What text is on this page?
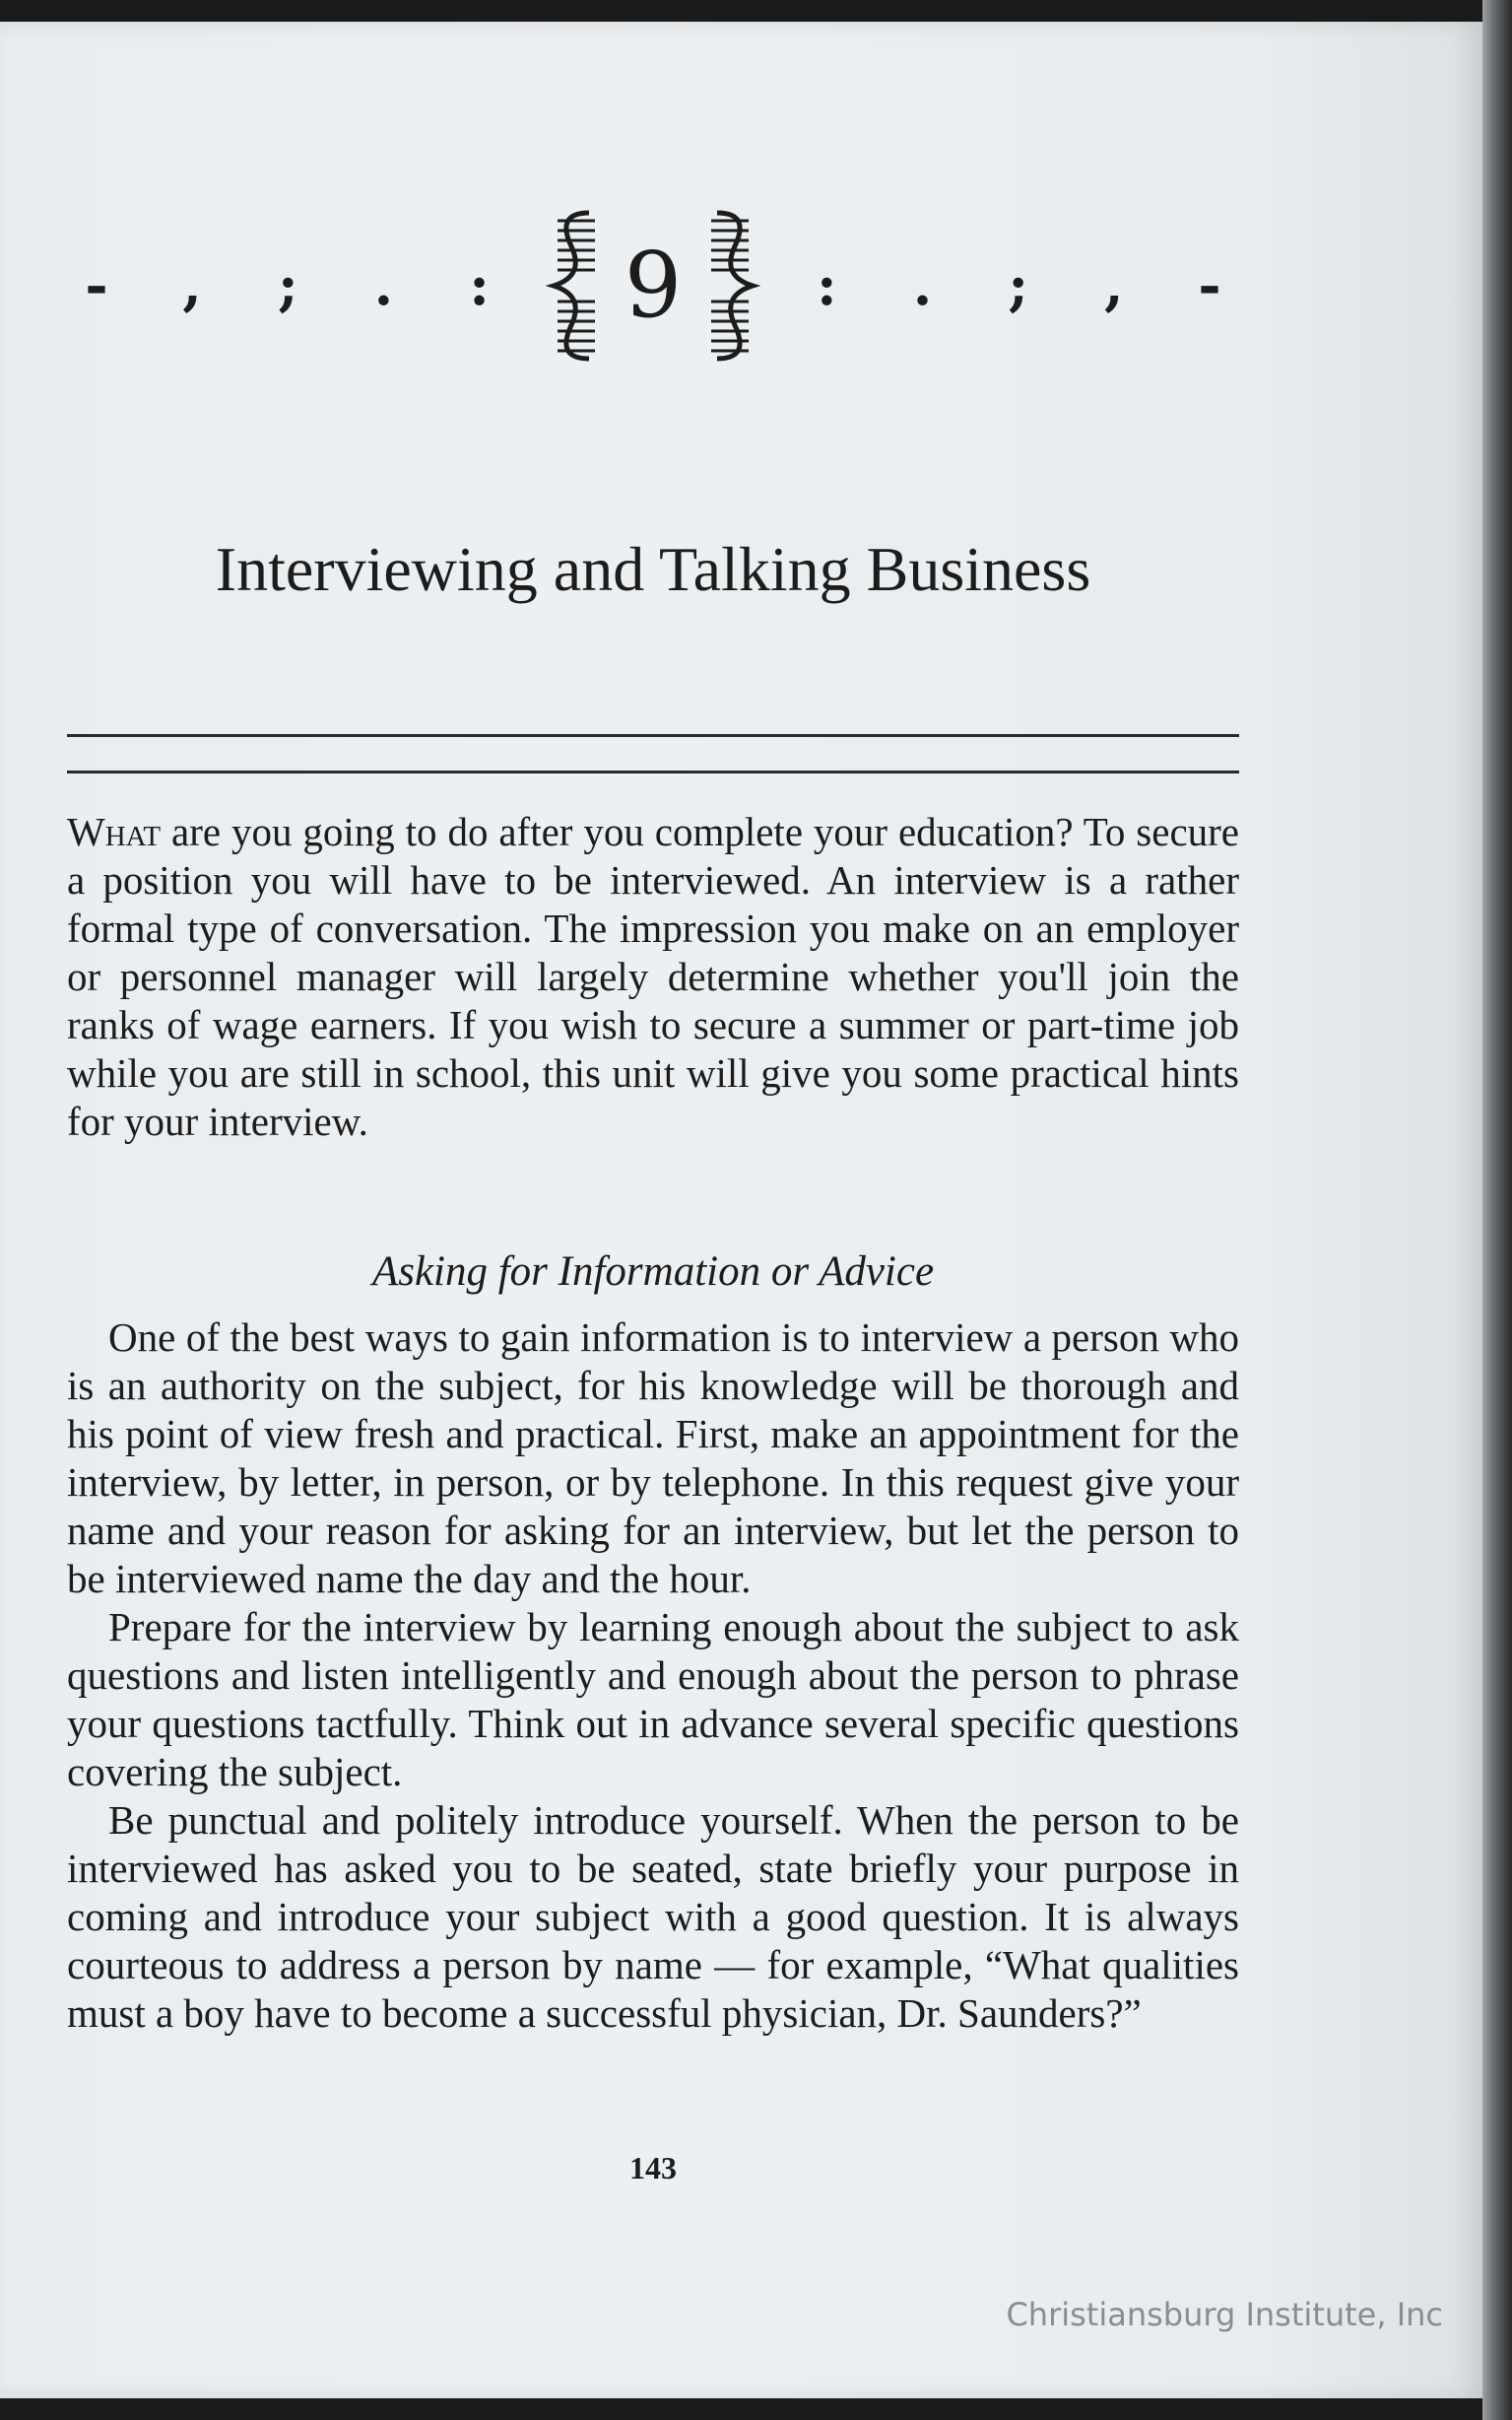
-	,	;	.	: 9	:	.	;	,	-
Interviewing and Talking Business

What are you going to do after you complete your education? To secure a position you will have to be interviewed. An interview is a rather formal type of conversation. The impression you make on an employer or personnel manager will largely determine whether you'll join the ranks of wage earners. If you wish to secure a summer or part-time job while you are still in school, this unit will give you some practical hints for your interview.

Asking for Information or Advice

One of the best ways to gain information is to interview a person who is an authority on the subject, for his knowledge will be thorough and his point of view fresh and practical. First, make an appointment for the interview, by letter, in person, or by telephone. In this request give your name and your reason for asking for an interview, but let the person to be interviewed name the day and the hour.

Prepare for the interview by learning enough about the subject to ask questions and listen intelligently and enough about the person to phrase your questions tactfully. Think out in advance several specific questions covering the subject.

Be punctual and politely introduce yourself. When the person to be interviewed has asked you to be seated, state briefly your purpose in coming and introduce your subject with a good question. It is always courteous to address a person by name — for example, “What qualities must a boy have to become a successful physician, Dr. Saunders?”

143
Christiansburg Institute, Inc
